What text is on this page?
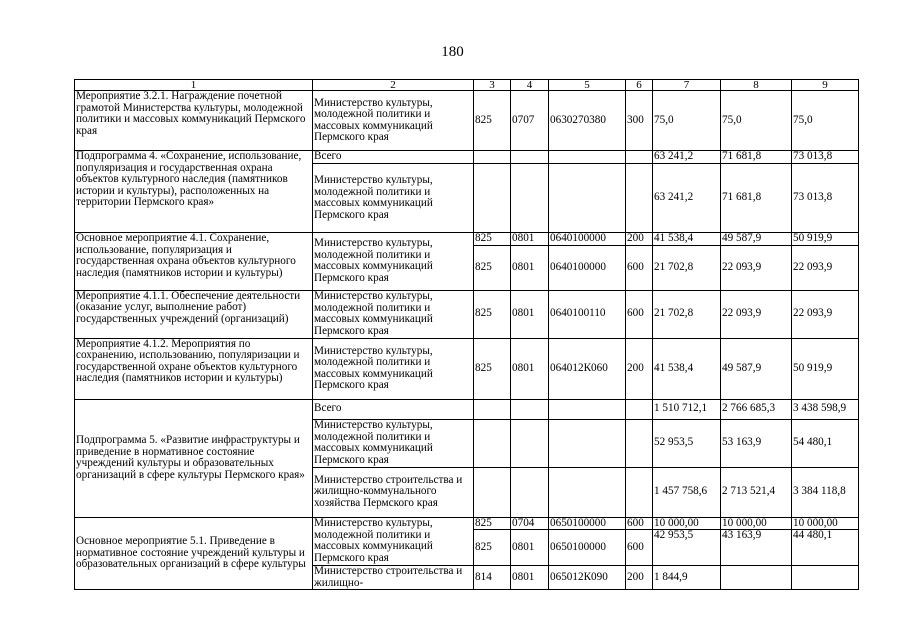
180
1	2	3	4	5	6	7	8	9
Мероприятие 3.2.1. Награждение почетной грамотой Министерства культуры, молодежной политики и массовых коммуникаций Пермского края	Министерство культуры, молодежной политики и массовых коммуникаций Пермского края	825	0707	0630270380	300	75,0	75,0	75,0
Подпрограмма 4. «Сохранение, использование, популяризация и государственная охрана объектов культурного наследия (памятников истории и культуры), расположенных на территории Пермского края»	Всего					63 241,2	71 681,8	73 013,8
	Министерство культуры, молодежной политики и массовых коммуникаций Пермского края					63 241,2	71 681,8	73 013,8
Основное мероприятие 4.1. Сохранение, использование, популяризация и государственная охрана объектов культурного наследия (памятников истории и культуры)	Министерство культуры, молодежной политики и массовых коммуникаций Пермского края	825	0801	0640100000	200	41 538,4	49 587,9	50 919,9
		825	0801	0640100000	600	21 702,8	22 093,9	22 093,9
Мероприятие 4.1.1. Обеспечение деятельности (оказание услуг, выполнение работ) государственных учреждений (организаций)	Министерство культуры, молодежной политики и массовых коммуникаций Пермского края	825	0801	0640100110	600	21 702,8	22 093,9	22 093,9
Мероприятие 4.1.2. Мероприятия по сохранению, использованию, популяризации и государственной охране объектов культурного наследия (памятников истории и культуры)	Министерство культуры, молодежной политики и массовых коммуникаций Пермского края	825	0801	064012К060	200	41 538,4	49 587,9	50 919,9
Подпрограмма 5. «Развитие инфраструктуры и приведение в нормативное состояние учреждений культуры и образовательных организаций в сфере культуры Пермского края»	Всего					1 510 712,1	2 766 685,3	3 438 598,9
	Министерство культуры, молодежной политики и массовых коммуникаций Пермского края					52 953,5	53 163,9	54 480,1
	Министерство строительства и жилищно-коммунального хозяйства Пермского края					1 457 758,6	2 713 521,4	3 384 118,8
Основное мероприятие 5.1. Приведение в нормативное состояние учреждений культуры и образовательных организаций в сфере культуры	Министерство культуры, молодежной политики и массовых коммуникаций Пермского края	825	0704	0650100000	600	10 000,00	10 000,00	10 000,00
		825	0801	0650100000	600	42 953,5	43 163,9	44 480,1
	Министерство строительства и жилищно-	814	0801	065012К090	200	1 844,9		
